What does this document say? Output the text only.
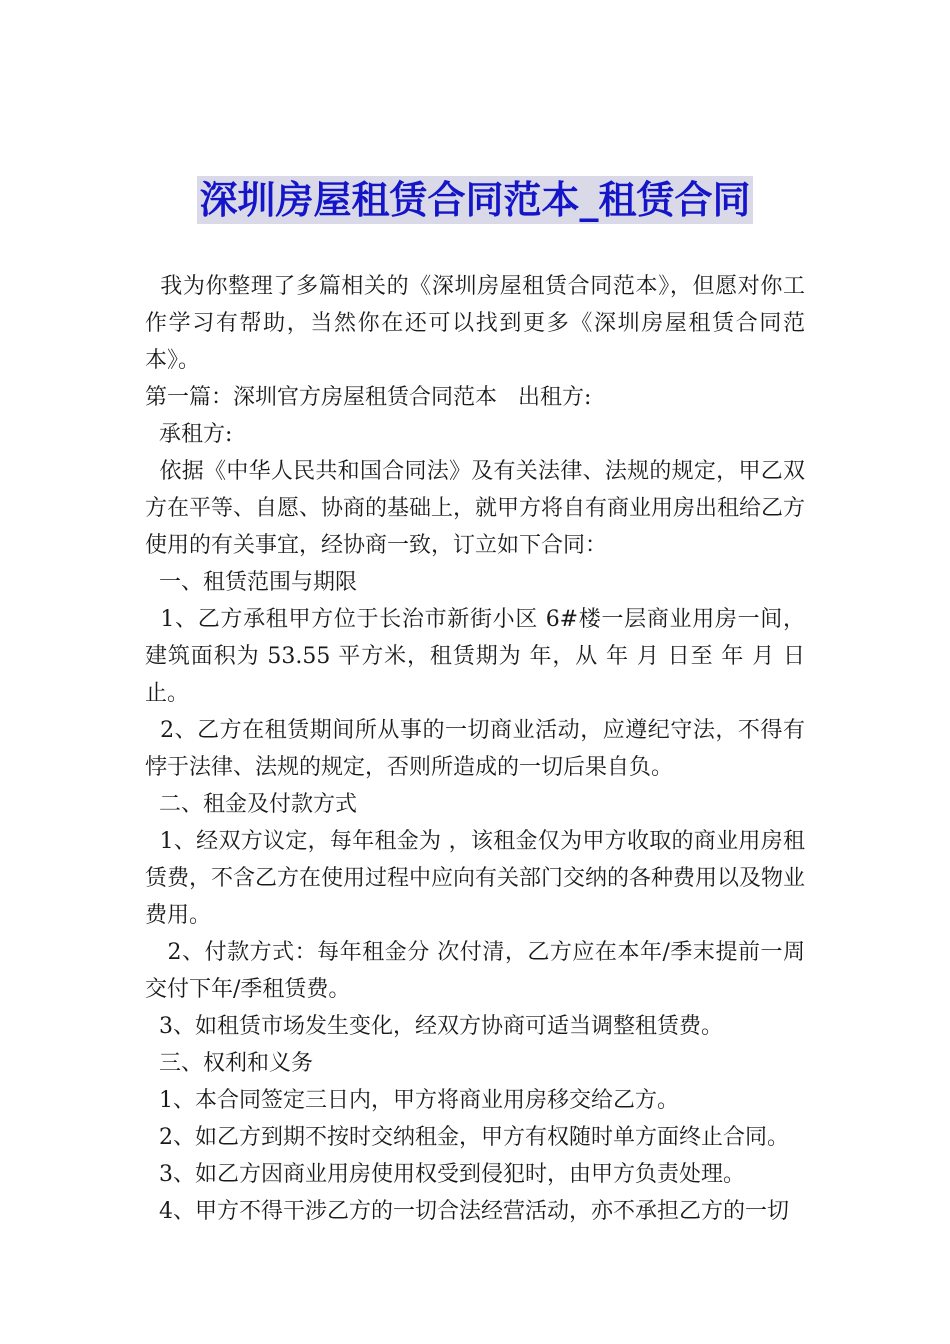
深圳房屋租赁合同范本_租赁合同

我为你整理了多篇相关的《深圳房屋租赁合同范本》，但愿对你工作学习有帮助，当然你在还可以找到更多《深圳房屋租赁合同范本》。

第一篇：深圳官方房屋租赁合同范本   出租方:

承租方:

依据《中华人民共和国合同法》及有关法律、法规的规定，甲乙双方在平等、自愿、协商的基础上，就甲方将自有商业用房出租给乙方使用的有关事宜，经协商一致，订立如下合同：

一、租赁范围与期限

1、乙方承租甲方位于长治市新街小区 6#楼一层商业用房一间，建筑面积为 53.55 平方米，租赁期为 年，从 年 月 日至 年 月 日止。

2、乙方在租赁期间所从事的一切商业活动，应遵纪守法，不得有悖于法律、法规的规定，否则所造成的一切后果自负。

二、租金及付款方式

1、经双方议定，每年租金为 ，该租金仅为甲方收取的商业用房租赁费，不含乙方在使用过程中应向有关部门交纳的各种费用以及物业费用。

2、付款方式：每年租金分 次付清，乙方应在本年/季末提前一周交付下年/季租赁费。

3、如租赁市场发生变化，经双方协商可适当调整租赁费。

三、权利和义务

1、本合同签定三日内，甲方将商业用房移交给乙方。

2、如乙方到期不按时交纳租金，甲方有权随时单方面终止合同。

3、如乙方因商业用房使用权受到侵犯时，由甲方负责处理。

4、甲方不得干涉乙方的一切合法经营活动，亦不承担乙方的一切
